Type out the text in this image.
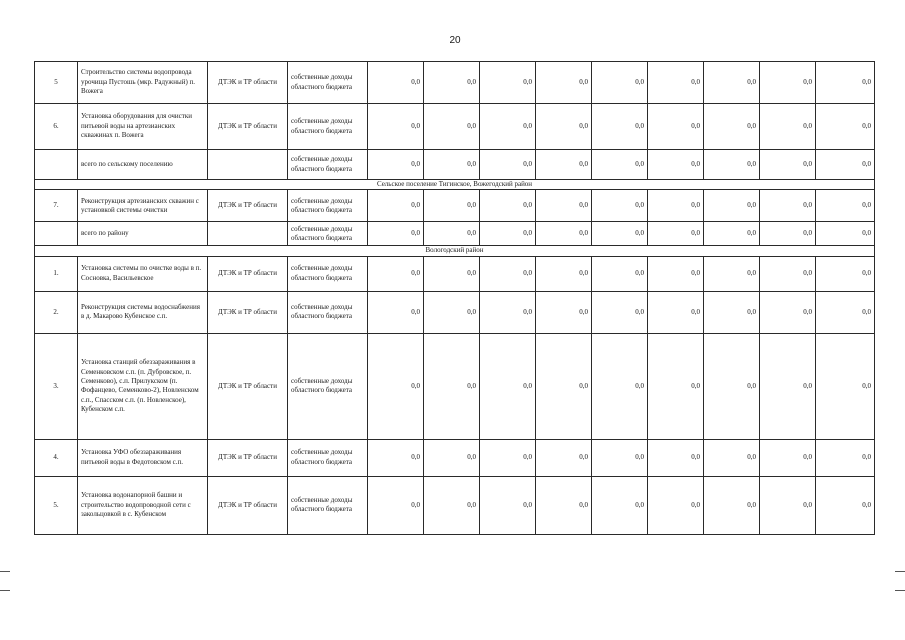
20
5	Строительство системы водопровода урочища Пустошь (мкр. Радужный) п. Вожега	ДТЭК и ТР области	собственные доходы областного бюджета	0,0	0,0	0,0	0,0	0,0	0,0	0,0	0,0	0,0
6.	Установка оборудования для очистки питьевой воды на артезианских скважинах п. Вожега	ДТЭК и ТР области	собственные доходы областного бюджета	0,0	0,0	0,0	0,0	0,0	0,0	0,0	0,0	0,0
	всего по сельскому поселению		собственные доходы областного бюджета	0,0	0,0	0,0	0,0	0,0	0,0	0,0	0,0	0,0
Сельское поселение Тигинское, Вожегодский район												
7.	Реконструкция артезианских скважин с установкой системы очистки	ДТЭК и ТР области	собственные доходы областного бюджета	0,0	0,0	0,0	0,0	0,0	0,0	0,0	0,0	0,0
	всего по району		собственные доходы областного бюджета	0,0	0,0	0,0	0,0	0,0	0,0	0,0	0,0	0,0
Вологодский район												
1.	Установка системы по очистке воды в п. Сосновка, Васильевское	ДТЭК и ТР области	собственные доходы областного бюджета	0,0	0,0	0,0	0,0	0,0	0,0	0,0	0,0	0,0
2.	Реконструкция системы водоснабжения в д. Макарово Кубенское с.п.	ДТЭК и ТР области	собственные доходы областного бюджета	0,0	0,0	0,0	0,0	0,0	0,0	0,0	0,0	0,0
3.	Установка станций обеззараживания в Семенковском с.п. (п. Дубровское, п. Семенково), с.п. Прилукском (п. Фофанцево, Семенково-2), Новленском с.п., Спасском с.п. (п. Новленское), Кубенском с.п.	ДТЭК и ТР области	собственные доходы областного бюджета	0,0	0,0	0,0	0,0	0,0	0,0	0,0	0,0	0,0
4.	Установка УФО обеззараживания питьевой воды в Федотовском с.п.	ДТЭК и ТР области	собственные доходы областного бюджета	0,0	0,0	0,0	0,0	0,0	0,0	0,0	0,0	0,0
5.	Установка водонапорной башни и строительство водопроводной сети с закольцовкой в с. Кубенском	ДТЭК и ТР области	собственные доходы областного бюджета	0,0	0,0	0,0	0,0	0,0	0,0	0,0	0,0	0,0
